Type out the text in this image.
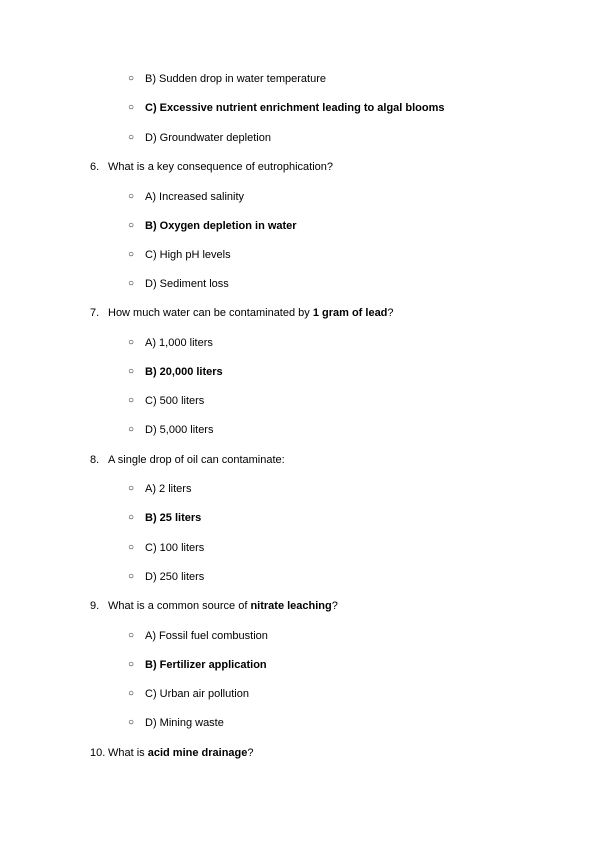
○ B) Sudden drop in water temperature
○ C) Excessive nutrient enrichment leading to algal blooms
○ D) Groundwater depletion
6. What is a key consequence of eutrophication?
○ A) Increased salinity
○ B) Oxygen depletion in water
○ C) High pH levels
○ D) Sediment loss
7. How much water can be contaminated by 1 gram of lead?
○ A) 1,000 liters
○ B) 20,000 liters
○ C) 500 liters
○ D) 5,000 liters
8. A single drop of oil can contaminate:
○ A) 2 liters
○ B) 25 liters
○ C) 100 liters
○ D) 250 liters
9. What is a common source of nitrate leaching?
○ A) Fossil fuel combustion
○ B) Fertilizer application
○ C) Urban air pollution
○ D) Mining waste
10. What is acid mine drainage?
